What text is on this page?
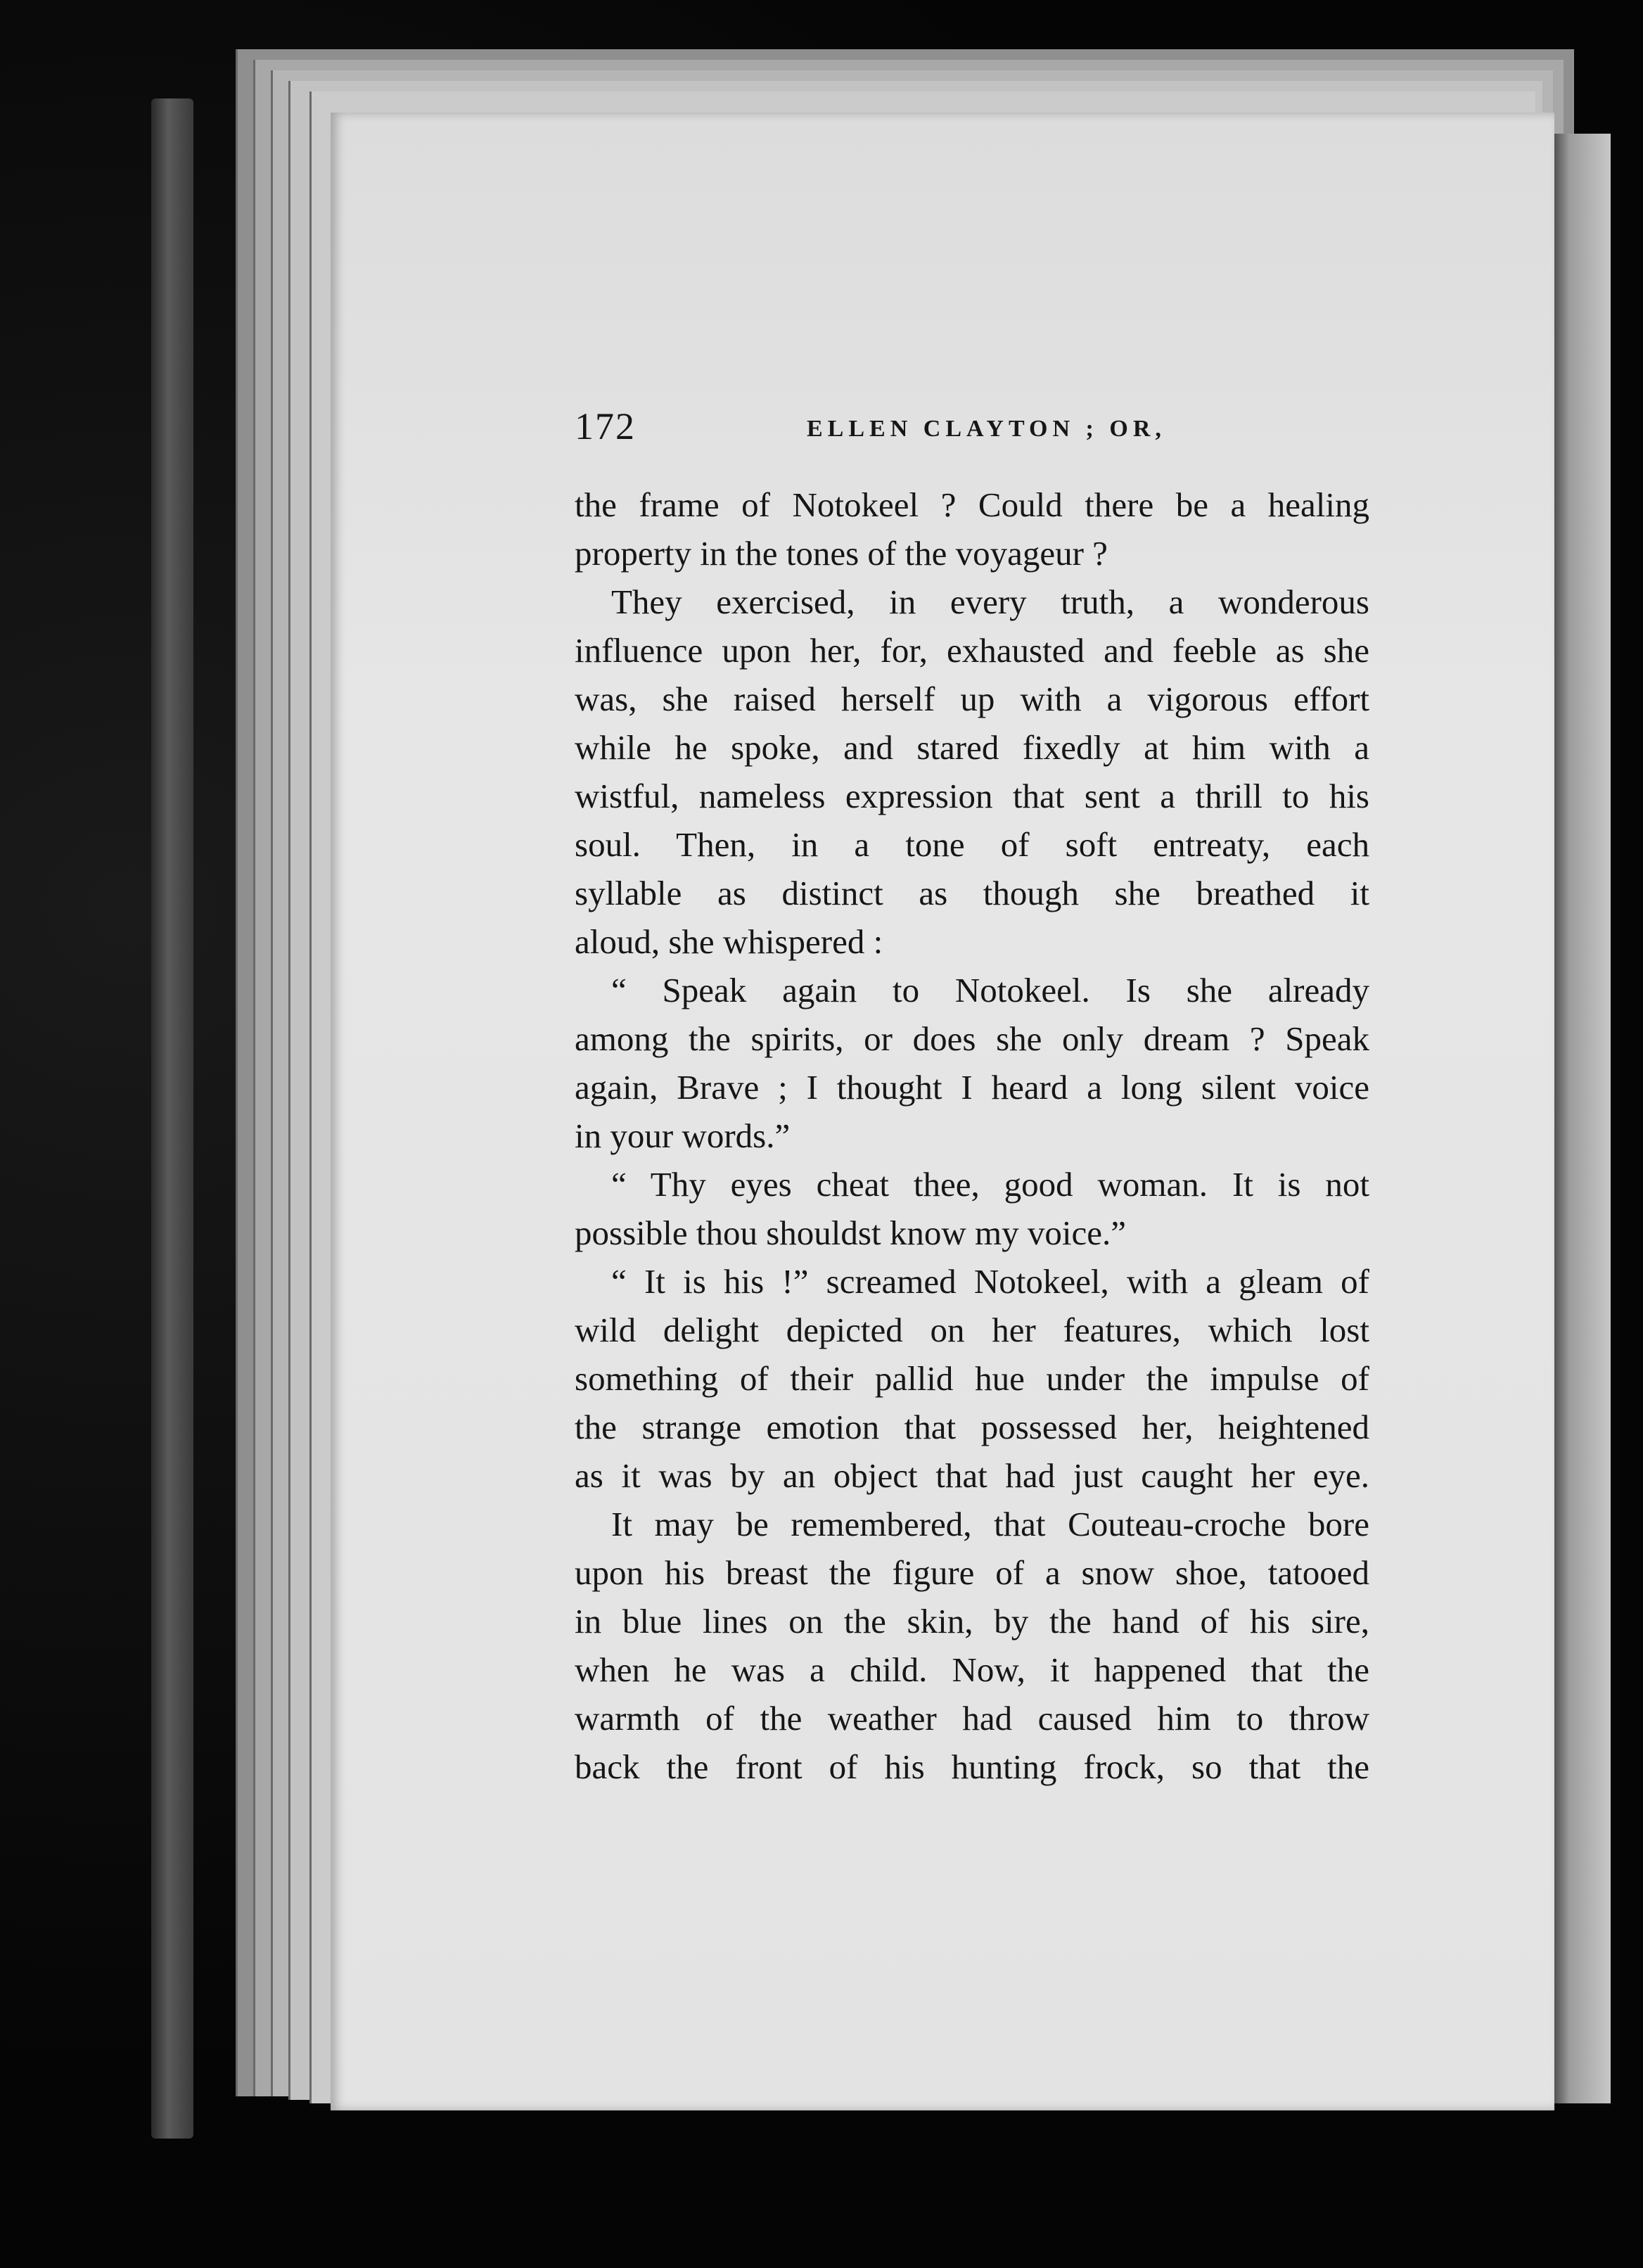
172	ELLEN CLAYTON ; OR,

the frame of Notokeel ? Could there be a healing
property in the tones of the voyageur ?

They exercised, in every truth, a wonderous
influence upon her, for, exhausted and feeble as she
was, she raised herself up with a vigorous effort
while he spoke, and stared fixedly at him with a
wistful, nameless expression that sent a thrill to his
soul. Then, in a tone of soft entreaty, each
syllable as distinct as though she breathed it
aloud, she whispered :

“ Speak again to Notokeel. Is she already
among the spirits, or does she only dream ? Speak
again, Brave ; I thought I heard a long silent voice
in your words.”

“ Thy eyes cheat thee, good woman. It is not
possible thou shouldst know my voice.”

“ It is his !” screamed Notokeel, with a gleam of
wild delight depicted on her features, which lost
something of their pallid hue under the impulse of
the strange emotion that possessed her, heightened
as it was by an object that had just caught her eye.

It may be remembered, that Couteau-croche bore
upon his breast the figure of a snow shoe, tatooed
in blue lines on the skin, by the hand of his sire,
when he was a child. Now, it happened that the
warmth of the weather had caused him to throw
back the front of his hunting frock, so that the
